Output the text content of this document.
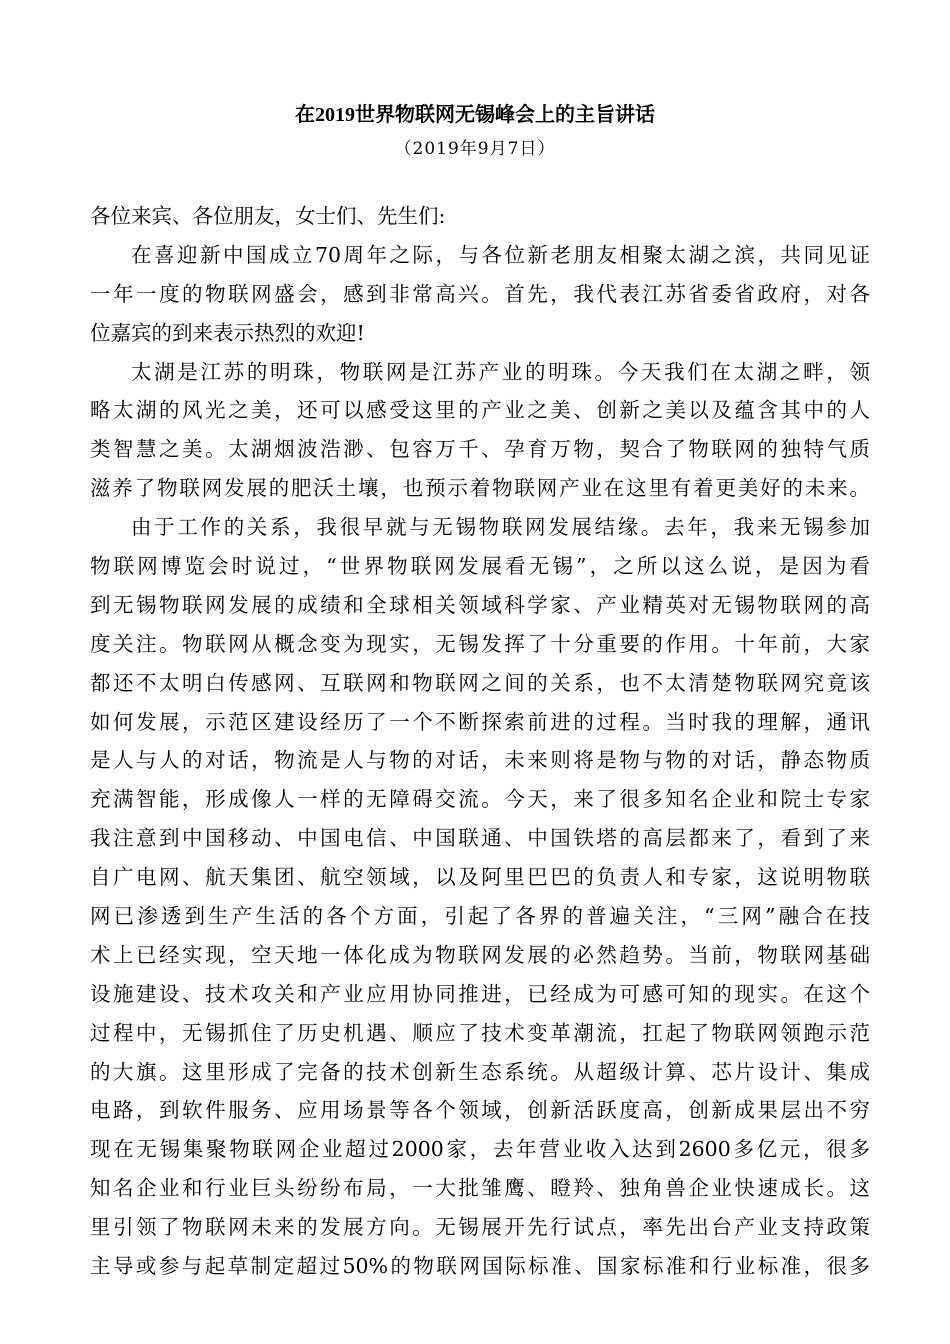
在2019世界物联网无锡峰会上的主旨讲话
（2019年9月7日）
各位来宾、各位朋友，女士们、先生们:
在喜迎新中国成立70周年之际，与各位新老朋友相聚太湖之滨，共同见证
一年一度的物联网盛会，感到非常高兴。首先，我代表江苏省委省政府，对各
位嘉宾的到来表示热烈的欢迎!
太湖是江苏的明珠，物联网是江苏产业的明珠。今天我们在太湖之畔，领
略太湖的风光之美，还可以感受这里的产业之美、创新之美以及蕴含其中的人
类智慧之美。太湖烟波浩渺、包容万千、孕育万物，契合了物联网的独特气质
滋养了物联网发展的肥沃土壤，也预示着物联网产业在这里有着更美好的未来。
由于工作的关系，我很早就与无锡物联网发展结缘。去年，我来无锡参加
物联网博览会时说过，“世界物联网发展看无锡”，之所以这么说，是因为看
到无锡物联网发展的成绩和全球相关领域科学家、产业精英对无锡物联网的高
度关注。物联网从概念变为现实，无锡发挥了十分重要的作用。十年前，大家
都还不太明白传感网、互联网和物联网之间的关系，也不太清楚物联网究竟该
如何发展，示范区建设经历了一个不断探索前进的过程。当时我的理解，通讯
是人与人的对话，物流是人与物的对话，未来则将是物与物的对话，静态物质
充满智能，形成像人一样的无障碍交流。今天，来了很多知名企业和院士专家
我注意到中国移动、中国电信、中国联通、中国铁塔的高层都来了，看到了来
自广电网、航天集团、航空领域，以及阿里巴巴的负责人和专家，这说明物联
网已渗透到生产生活的各个方面，引起了各界的普遍关注，“三网”融合在技
术上已经实现，空天地一体化成为物联网发展的必然趋势。当前，物联网基础
设施建设、技术攻关和产业应用协同推进，已经成为可感可知的现实。在这个
过程中，无锡抓住了历史机遇、顺应了技术变革潮流，扛起了物联网领跑示范
的大旗。这里形成了完备的技术创新生态系统。从超级计算、芯片设计、集成
电路，到软件服务、应用场景等各个领域，创新活跃度高，创新成果层出不穷
现在无锡集聚物联网企业超过2000家，去年营业收入达到2600多亿元，很多
知名企业和行业巨头纷纷布局，一大批雏鹰、瞪羚、独角兽企业快速成长。这
里引领了物联网未来的发展方向。无锡展开先行试点，率先出台产业支持政策
主导或参与起草制定超过50%的物联网国际标准、国家标准和行业标准，很多
